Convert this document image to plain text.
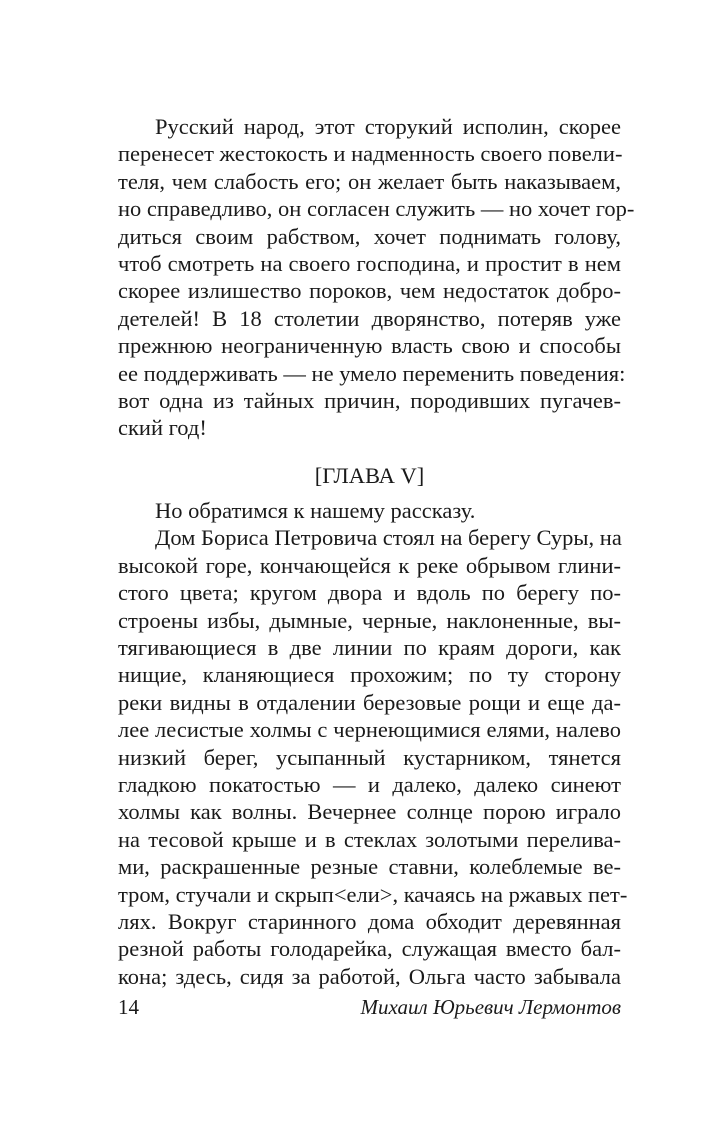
Русский народ, этот сторукий исполин, скорее
перенесет жестокость и надменность своего повели-
теля, чем слабость его; он желает быть наказываем,
но справедливо, он согласен служить — но хочет гор-
диться своим рабством, хочет поднимать голову,
чтоб смотреть на своего господина, и простит в нем
скорее излишество пороков, чем недостаток добро-
детелей! В 18 столетии дворянство, потеряв уже
прежнюю неограниченную власть свою и способы
ее поддерживать — не умело переменить поведения:
вот одна из тайных причин, породивших пугачев-
ский год!
[ГЛАВА V]
Но обратимся к нашему рассказу.
Дом Бориса Петровича стоял на берегу Суры, на
высокой горе, кончающейся к реке обрывом глини-
стого цвета; кругом двора и вдоль по берегу по-
строены избы, дымные, черные, наклоненные, вы-
тягивающиеся в две линии по краям дороги, как
нищие, кланяющиеся прохожим; по ту сторону
реки видны в отдалении березовые рощи и еще да-
лее лесистые холмы с чернеющимися елями, налево
низкий берег, усыпанный кустарником, тянется
гладкою покатостью — и далеко, далеко синеют
холмы как волны. Вечернее солнце порою играло
на тесовой крыше и в стеклах золотыми перелива-
ми, раскрашенные резные ставни, колеблемые ве-
тром, стучали и скрып<ели>, качаясь на ржавых пет-
лях. Вокруг старинного дома обходит деревянная
резной работы голодарейка, служащая вместо бал-
кона; здесь, сидя за работой, Ольга часто забывала
14	Михаил Юрьевич Лермонтов
